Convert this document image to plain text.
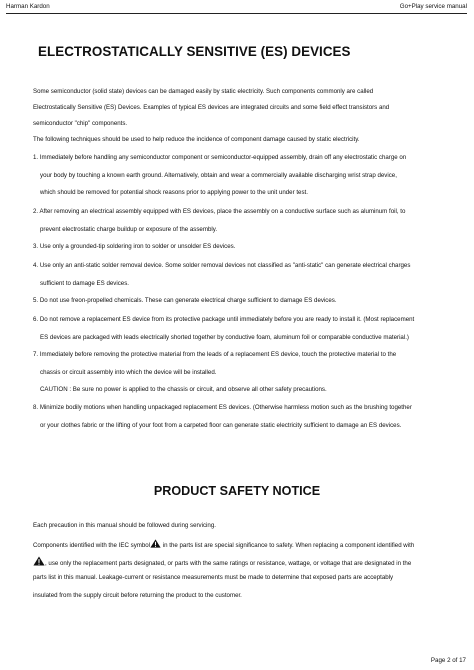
Harman Kardon	Go+Play service manual
ELECTROSTATICALLY SENSITIVE (ES) DEVICES
Some semiconductor (solid state) devices can be damaged easily by static electricity. Such components commonly are called
Electrostatically Sensitive (ES) Devices. Examples of typical ES devices are integrated circuits and some field effect transistors and
semiconductor "chip" components.
The following techniques should be used to help reduce the incidence of component damage caused by static electricity.
1. Immediately before handling any semiconductor component or semiconductor-equipped assembly, drain off any electrostatic charge on
your body by touching a known earth ground. Alternatively, obtain and wear a commercially available discharging wrist strap device,
which should be removed for potential shock reasons prior to applying power to the unit under test.
2. After removing an electrical assembly equipped with ES devices, place the assembly on a conductive surface such as aluminum foil, to
prevent electrostatic charge buildup or exposure of the assembly.
3. Use only a grounded-tip soldering iron to solder or unsolder ES devices.
4. Use only an anti-static solder removal device. Some solder removal devices not classified as "anti-static" can generate electrical charges
sufficient to damage ES devices.
5. Do not use freon-propelled chemicals. These can generate electrical charge sufficient to damage ES devices.
6. Do not remove a replacement ES device from its protective package until immediately before you are ready to install it. (Most replacement
ES devices are packaged with leads electrically shorted together by conductive foam, aluminum foil or comparable conductive material.)
7. Immediately before removing the protective material from the leads of a replacement ES device, touch the protective material to the
chassis or circuit assembly into which the device will be installed.
CAUTION : Be sure no power is applied to the chassis or circuit, and observe all other safety precautions.
8. Minimize bodily motions when handling unpackaged replacement ES devices. (Otherwise harmless motion such as the brushing together
or your clothes fabric or the lifting of your foot from a carpeted floor can generate static electricity sufficient to damage an ES devices.
PRODUCT SAFETY NOTICE
Each precaution in this manual should be followed during servicing.
Components identified with the IEC symbol in the parts list are special significance to safety. When replacing a component identified with
, use only the replacement parts designated, or parts with the same ratings or resistance, wattage, or voltage that are designated in the
parts list in this manual. Leakage-current or resistance measurements must be made to determine that exposed parts are acceptably
insulated from the supply circuit before returning the product to the customer.
Page 2 of 17
